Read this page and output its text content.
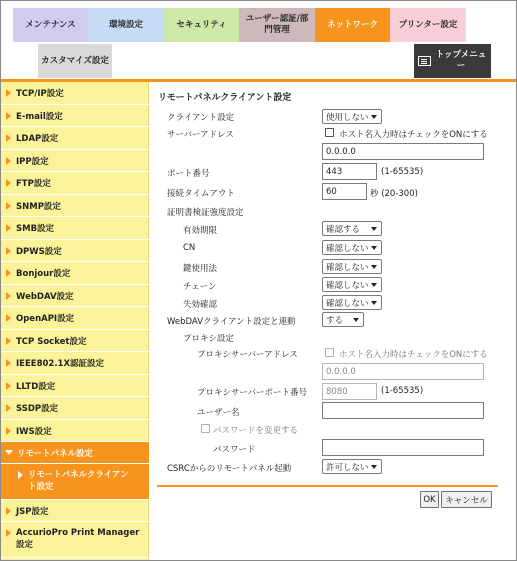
メンテナンス	環境設定	セキュリティ
ユーザー認証/部門管理
ネットワーク プリンター設定
カスタマイズ設定
トップメニュー
TCP/IP設定
E-mail設定
LDAP設定
IPP設定
FTP設定
SNMP設定
SMB設定
DPWS設定
Bonjour設定
WebDAV設定
OpenAPI設定
TCP Socket設定
IEEE802.1X認証設定
LLTD設定
SSDP設定
IWS設定
リモートパネル設定
リモートパネルクライアント設定
JSP設定
AccurioPro Print Manager設定
リモートパネルクライアント設定
クライアント設定	使用しない
サーバーアドレス	ホスト名入力時はチェックをONにする
0.0.0.0
ポート番号	443	(1-65535)
接続タイムアウト	60	秒 (20-300)
証明書検証強度設定
有効期限	確認する
CN	確認しない
鍵使用法	確認しない
チェーン	確認しない
失効確認	確認しない
WebDAVクライアント設定と連動	する
プロキシ設定
プロキシサーバーアドレス	ホスト名入力時はチェックをONにする
0.0.0.0
プロキシサーバーポート番号 8080	(1-65535)
ユーザー名
パスワードを変更する
パスワード
CSRCからのリモートパネル起動	許可しない
OK	キャンセル
